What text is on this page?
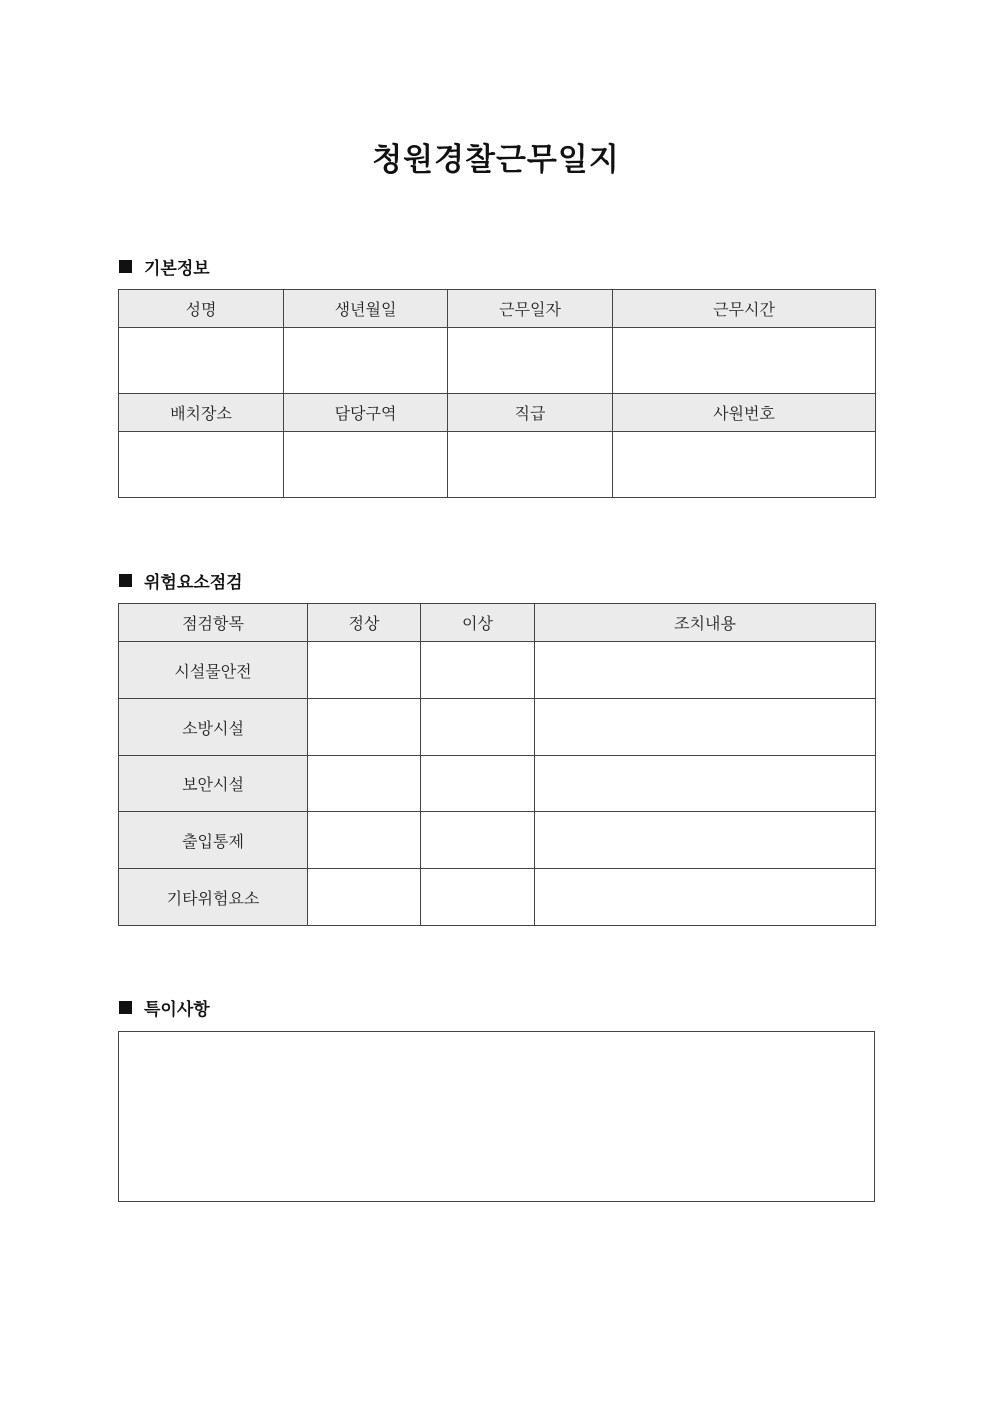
청원경찰근무일지
기본정보
성명	생년월일	근무일자	근무시간

배치장소	담당구역	직급	사원번호

위험요소점검
점검항목	정상	이상	조치내용
시설물안전			
소방시설			
보안시설			
출입통제			
기타위험요소			
특이사항
